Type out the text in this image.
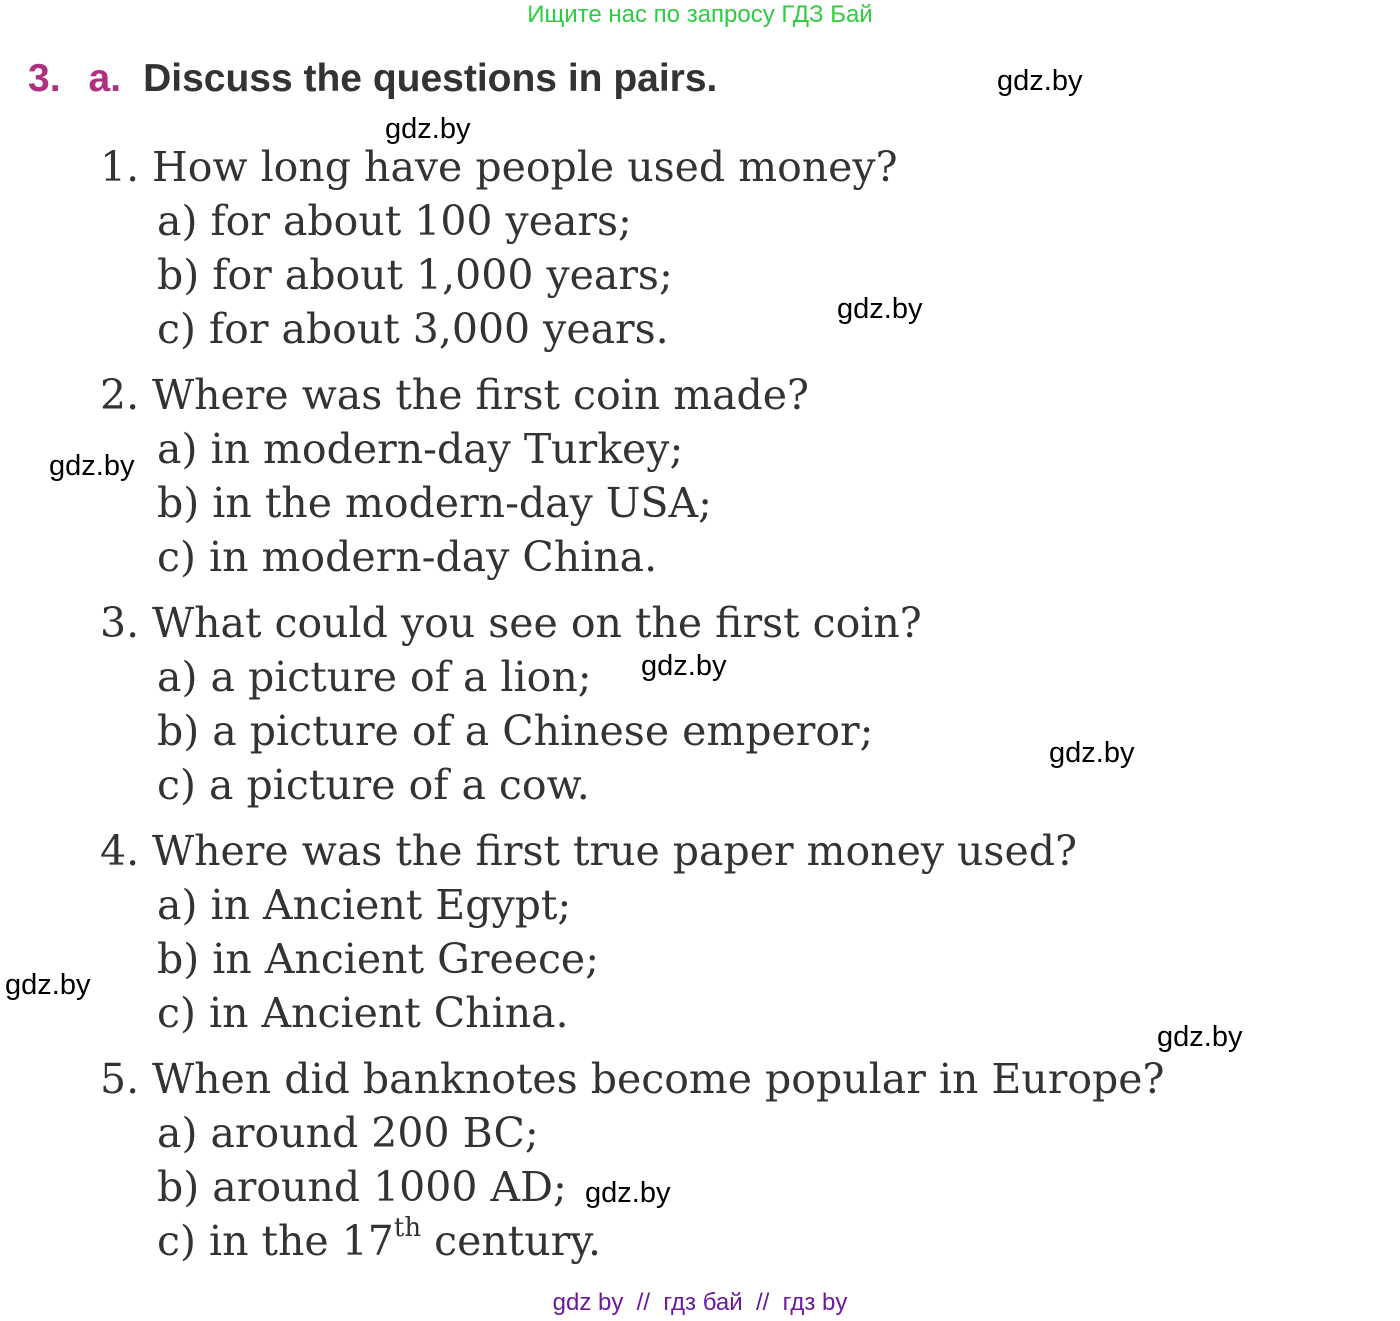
Ищите нас по запросу ГДЗ Бай
3. a. Discuss the questions in pairs.
1. How long have people used money?
a) for about 100 years;
b) for about 1,000 years;
c) for about 3,000 years.
2. Where was the first coin made?
a) in modern-day Turkey;
b) in the modern-day USA;
c) in modern-day China.
3. What could you see on the first coin?
a) a picture of a lion;
b) a picture of a Chinese emperor;
c) a picture of a cow.
4. Where was the first true paper money used?
a) in Ancient Egypt;
b) in Ancient Greece;
c) in Ancient China.
5. When did banknotes become popular in Europe?
a) around 200 BC;
b) around 1000 AD;
c) in the 17th century.
gdz.by
gdz.by
gdz.by
gdz.by
gdz.by
gdz.by
gdz.by
gdz.by
gdz.by
gdz by  //  гдз бай  //  гдз by
